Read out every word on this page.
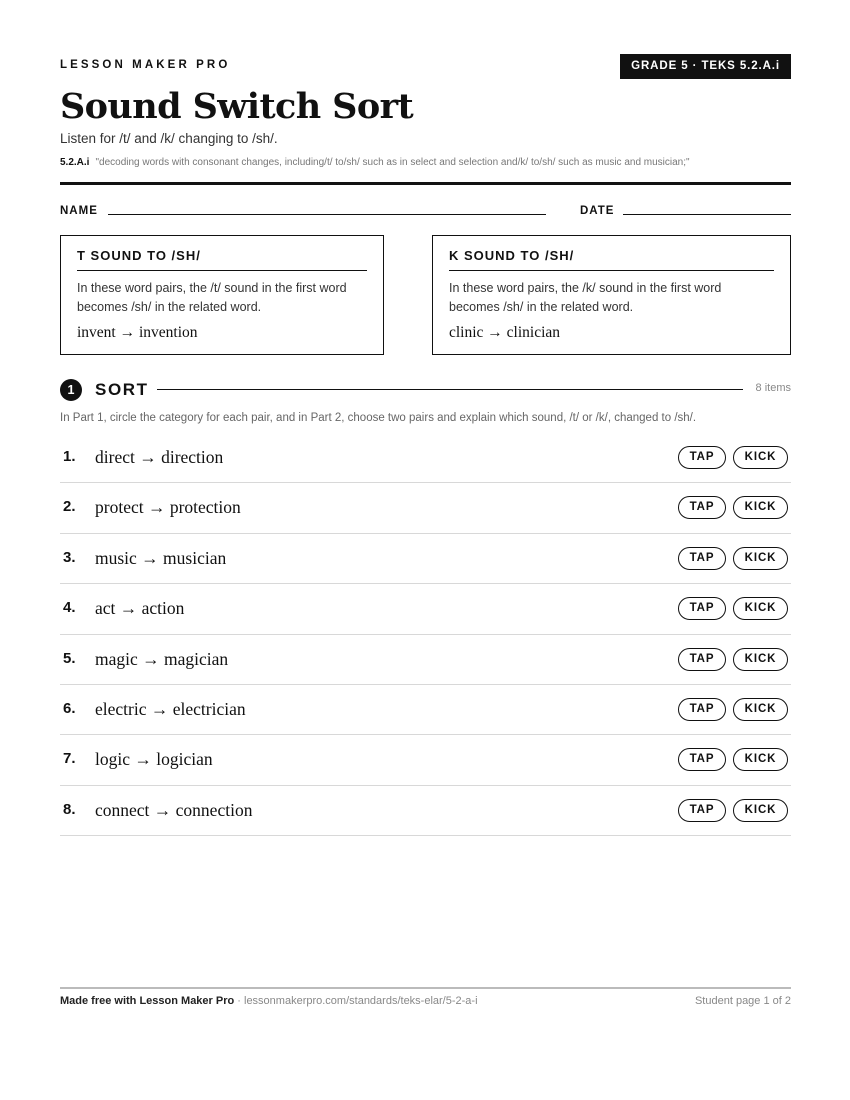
LESSON MAKER PRO	GRADE 5 · TEKS 5.2.A.i
Sound Switch Sort
Listen for /t/ and /k/ changing to /sh/.
5.2.A.i "decoding words with consonant changes, including/t/ to/sh/ such as in select and selection and/k/ to/sh/ such as music and musician;"
NAME	DATE
T SOUND TO /SH/
In these word pairs, the /t/ sound in the first word becomes /sh/ in the related word.
invent → invention
K SOUND TO /SH/
In these word pairs, the /k/ sound in the first word becomes /sh/ in the related word.
clinic → clinician
1	SORT	8 items
In Part 1, circle the category for each pair, and in Part 2, choose two pairs and explain which sound, /t/ or /k/, changed to /sh/.
1. direct → direction	TAP	KICK
2. protect → protection	TAP	KICK
3. music → musician	TAP	KICK
4. act → action	TAP	KICK
5. magic → magician	TAP	KICK
6. electric → electrician	TAP	KICK
7. logic → logician	TAP	KICK
8. connect → connection	TAP	KICK
Made free with Lesson Maker Pro · lessonmakerpro.com/standards/teks-elar/5-2-a-i	Student page 1 of 2
